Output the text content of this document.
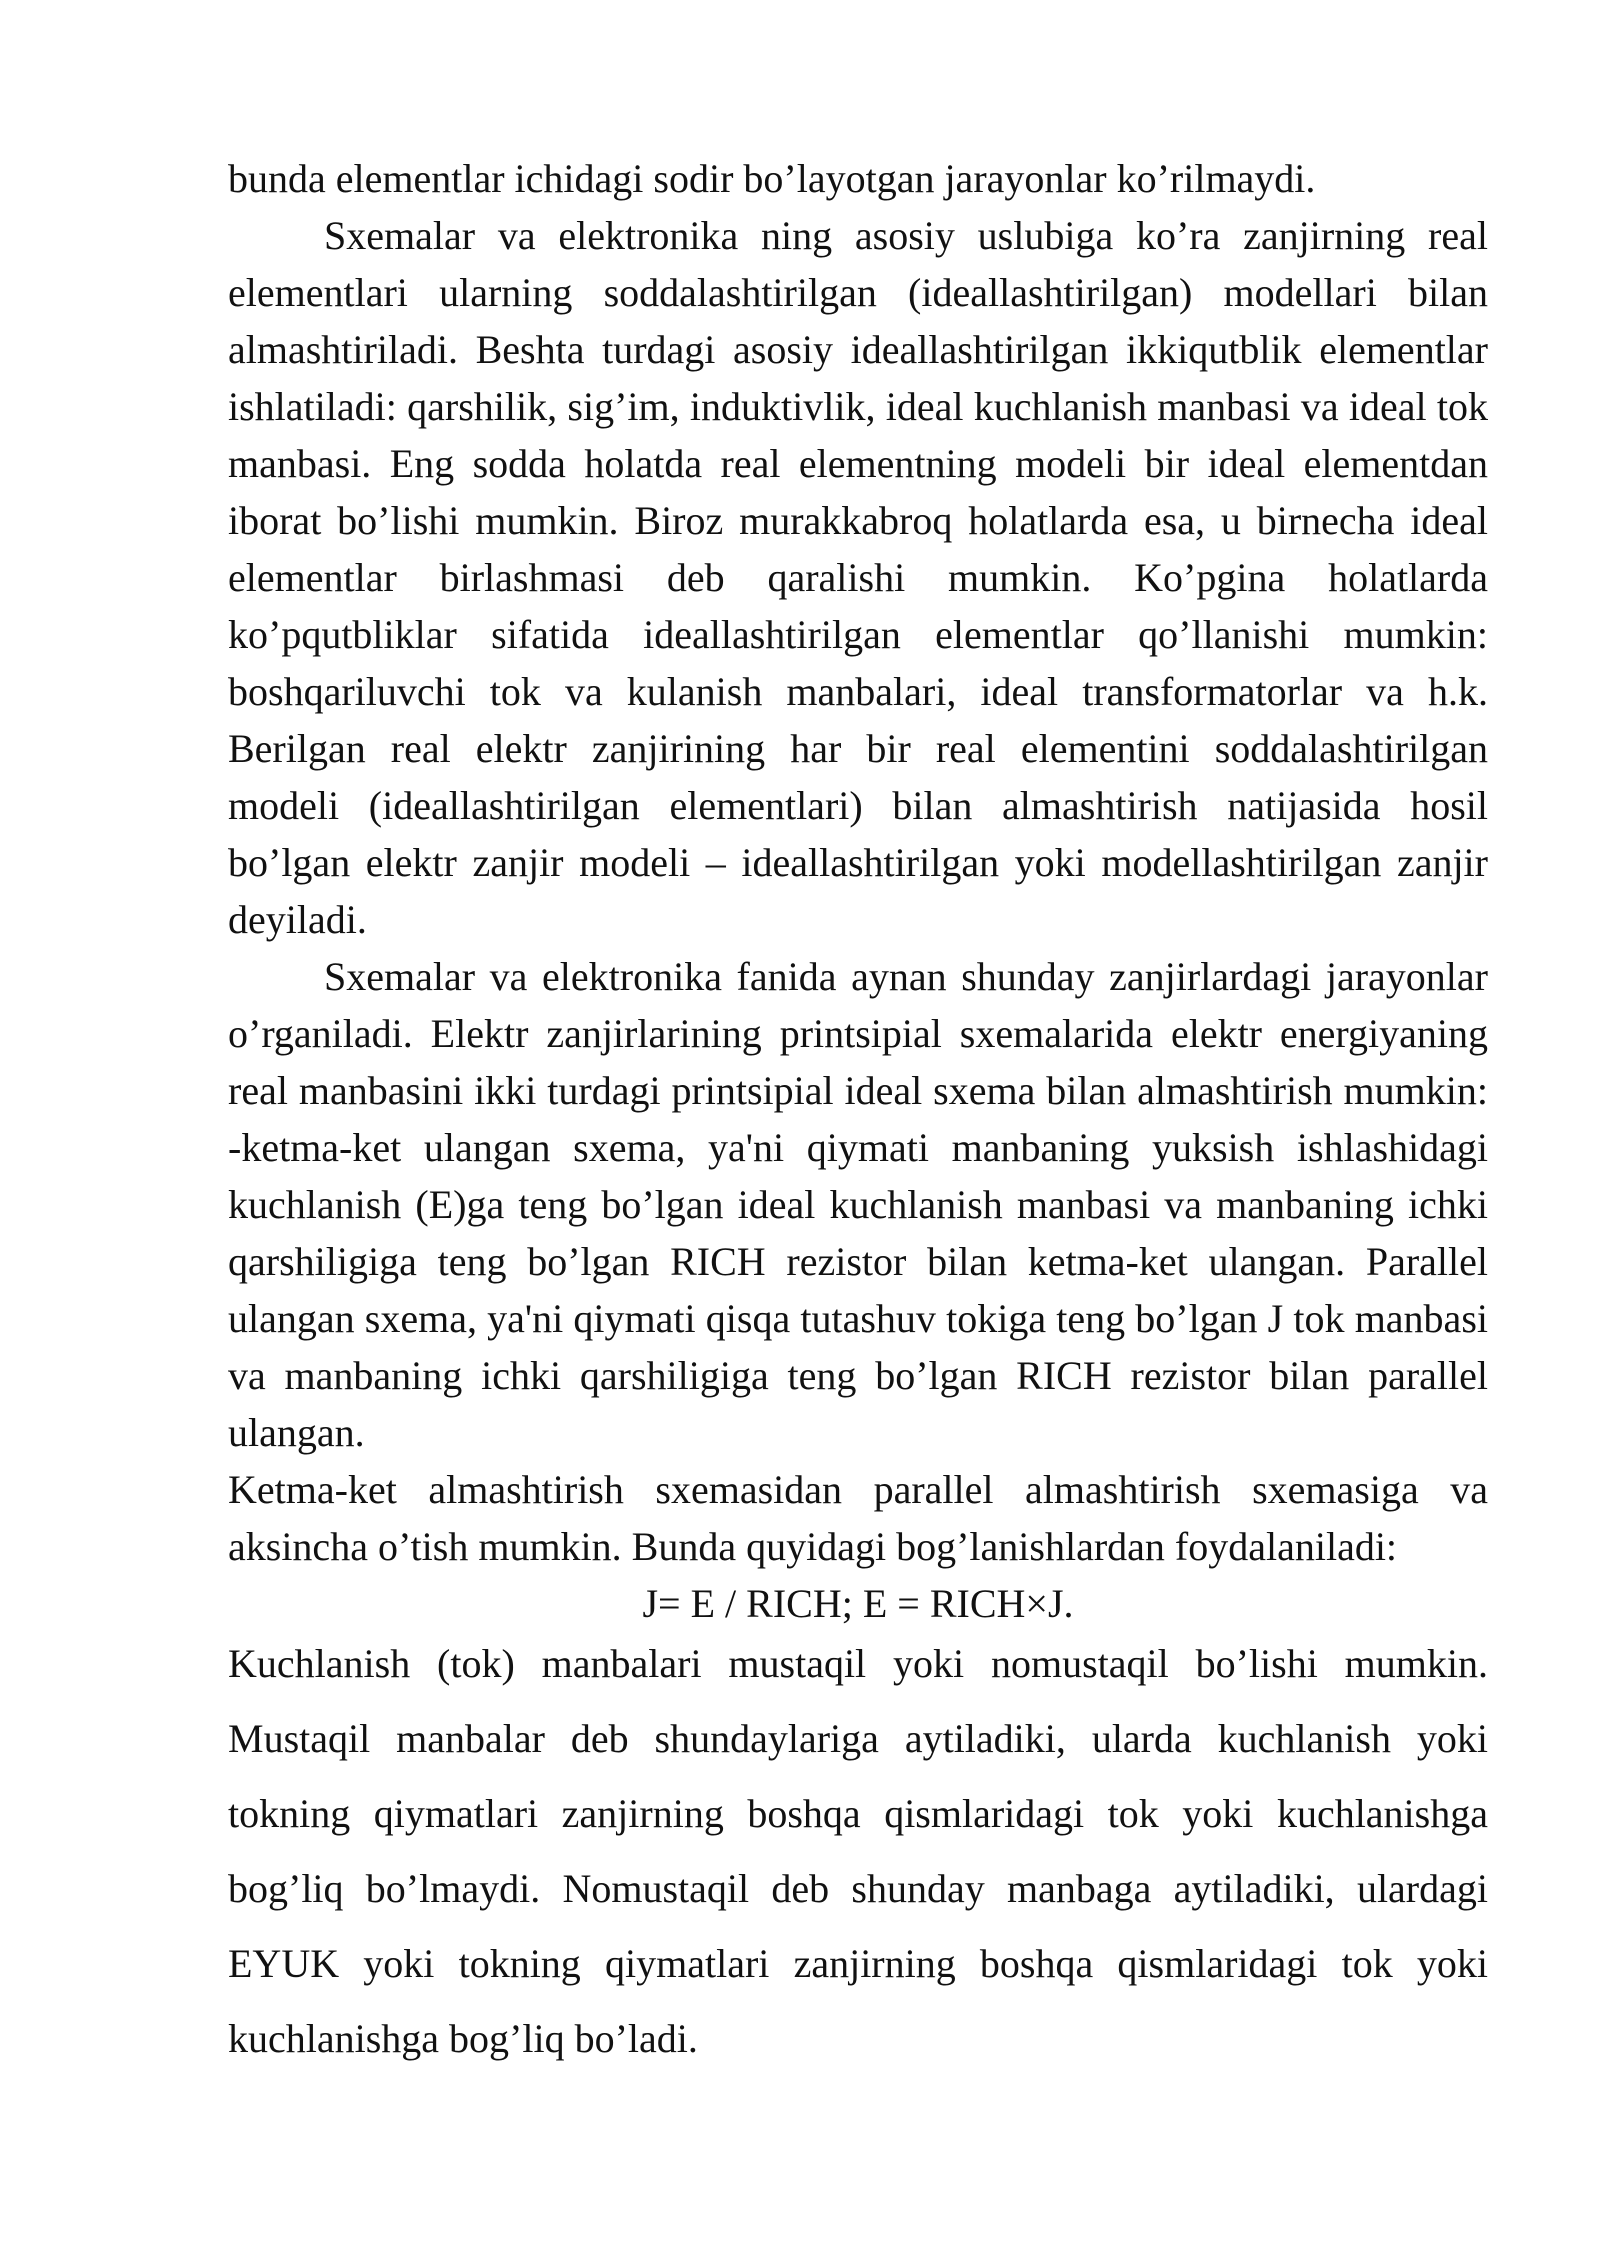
bunda elementlar ichidagi sodir bo’layotgan jarayonlar ko’rilmaydi.

Sxemalar va elektronika ning asosiy uslubiga ko’ra zanjirning real elementlari ularning soddalashtirilgan (ideallashtirilgan) modellari bilan almashtiriladi. Beshta turdagi asosiy ideallashtirilgan ikkiqutblik elementlar ishlatiladi: qarshilik, sig’im, induktivlik, ideal kuchlanish manbasi va ideal tok manbasi. Eng sodda holatda real elementning modeli bir ideal elementdan iborat bo’lishi mumkin. Biroz murakkabroq holatlarda esa, u birnecha ideal elementlar birlashmasi deb qaralishi mumkin. Ko’pgina holatlarda ko’pqutbliklar sifatida ideallashtirilgan elementlar qo’llanishi mumkin: boshqariluvchi tok va kulanish manbalari, ideal transformatorlar va h.k. Berilgan real elektr zanjirining har bir real elementini soddalashtirilgan modeli (ideallashtirilgan elementlari) bilan almashtirish natijasida hosil bo’lgan elektr zanjir modeli – ideallashtirilgan yoki modellashtirilgan zanjir deyiladi.

Sxemalar va elektronika fanida aynan shunday zanjirlardagi jarayonlar o’rganiladi. Elektr zanjirlarining printsipial sxemalarida elektr energiyaning real manbasini ikki turdagi printsipial ideal sxema bilan almashtirish mumkin: -ketma-ket ulangan sxema, ya'ni qiymati manbaning yuksish ishlashidagi kuchlanish (E)ga teng bo’lgan ideal kuchlanish manbasi va manbaning ichki qarshiligiga teng bo’lgan RICH rezistor bilan ketma-ket ulangan. Parallel ulangan sxema, ya'ni qiymati qisqa tutashuv tokiga teng bo’lgan J tok manbasi va manbaning ichki qarshiligiga teng bo’lgan RICH rezistor bilan parallel ulangan.

Ketma-ket almashtirish sxemasidan parallel almashtirish sxemasiga va aksincha o’tish mumkin. Bunda quyidagi bog’lanishlardan foydalaniladi:

J= E / RICH; E = RICH×J.

Kuchlanish (tok) manbalari mustaqil yoki nomustaqil bo’lishi mumkin. Mustaqil manbalar deb shundaylariga aytiladiki, ularda kuchlanish yoki tokning qiymatlari zanjirning boshqa qismlaridagi tok yoki kuchlanishga bog’liq bo’lmaydi. Nomustaqil deb shunday manbaga aytiladiki, ulardagi EYUK yoki tokning qiymatlari zanjirning boshqa qismlaridagi tok yoki kuchlanishga bog’liq bo’ladi.
